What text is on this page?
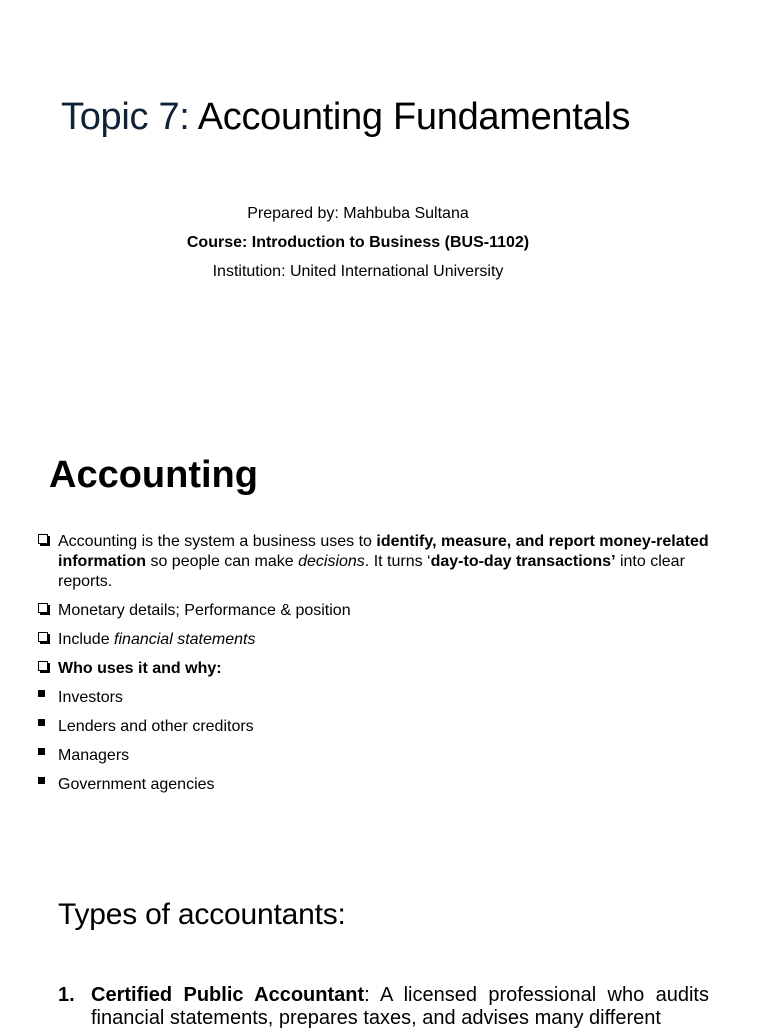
Topic 7: Accounting Fundamentals
Prepared by: Mahbuba Sultana
Course: Introduction to Business (BUS-1102)
Institution: United International University
Accounting
Accounting is the system a business uses to identify, measure, and report money-related information so people can make decisions. It turns ‘day-to-day transactions’ into clear reports.
Monetary details; Performance & position
Include financial statements
Who uses it and why:
Investors
Lenders and other creditors
Managers
Government agencies
Types of accountants:
1. Certified Public Accountant: A licensed professional who audits financial statements, prepares taxes, and advises many different
